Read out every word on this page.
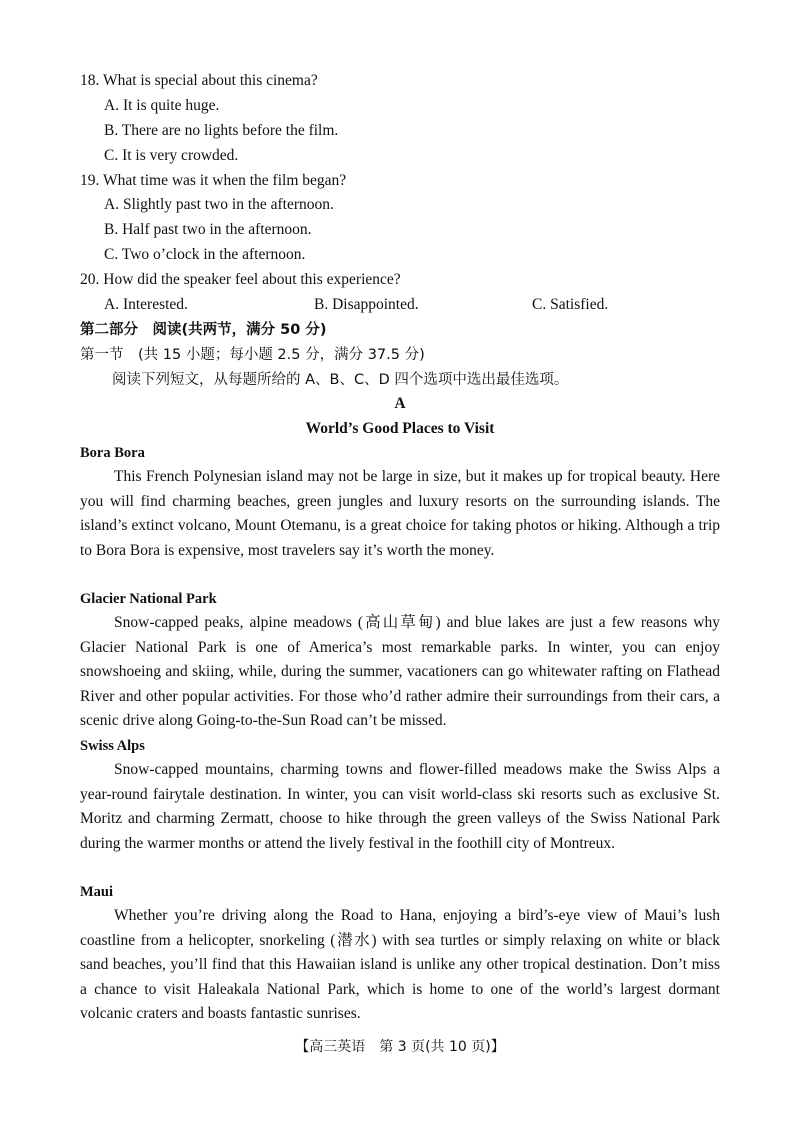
18. What is special about this cinema?
A. It is quite huge.
B. There are no lights before the film.
C. It is very crowded.
19. What time was it when the film began?
A. Slightly past two in the afternoon.
B. Half past two in the afternoon.
C. Two o’clock in the afternoon.
20. How did the speaker feel about this experience?
A. Interested.	B. Disappointed.	C. Satisfied.
第二部分　阅读(共两节，满分 50 分)
第一节　(共 15 小题；每小题 2.5 分，满分 37.5 分)
阅读下列短文，从每题所给的 A、B、C、D 四个选项中选出最佳选项。
A
World’s Good Places to Visit
Bora Bora
This French Polynesian island may not be large in size, but it makes up for tropical beauty. Here you will find charming beaches, green jungles and luxury resorts on the surrounding islands. The island’s extinct volcano, Mount Otemanu, is a great choice for taking photos or hiking. Although a trip to Bora Bora is expensive, most travelers say it’s worth the money.
Glacier National Park
Snow-capped peaks, alpine meadows (高山草甸) and blue lakes are just a few reasons why Glacier National Park is one of America’s most remarkable parks. In winter, you can enjoy snowshoeing and skiing, while, during the summer, vacationers can go whitewater rafting on Flathead River and other popular activities. For those who’d rather admire their surroundings from their cars, a scenic drive along Going-to-the-Sun Road can’t be missed.
Swiss Alps
Snow-capped mountains, charming towns and flower-filled meadows make the Swiss Alps a year-round fairytale destination. In winter, you can visit world-class ski resorts such as exclusive St. Moritz and charming Zermatt, choose to hike through the green valleys of the Swiss National Park during the warmer months or attend the lively festival in the foothill city of Montreux.
Maui
Whether you’re driving along the Road to Hana, enjoying a bird’s-eye view of Maui’s lush coastline from a helicopter, snorkeling (潜水) with sea turtles or simply relaxing on white or black sand beaches, you’ll find that this Hawaiian island is unlike any other tropical destination. Don’t miss a chance to visit Haleakala National Park, which is home to one of the world’s largest dormant volcanic craters and boasts fantastic sunrises.
【高三英语　第 3 页(共 10 页)】
